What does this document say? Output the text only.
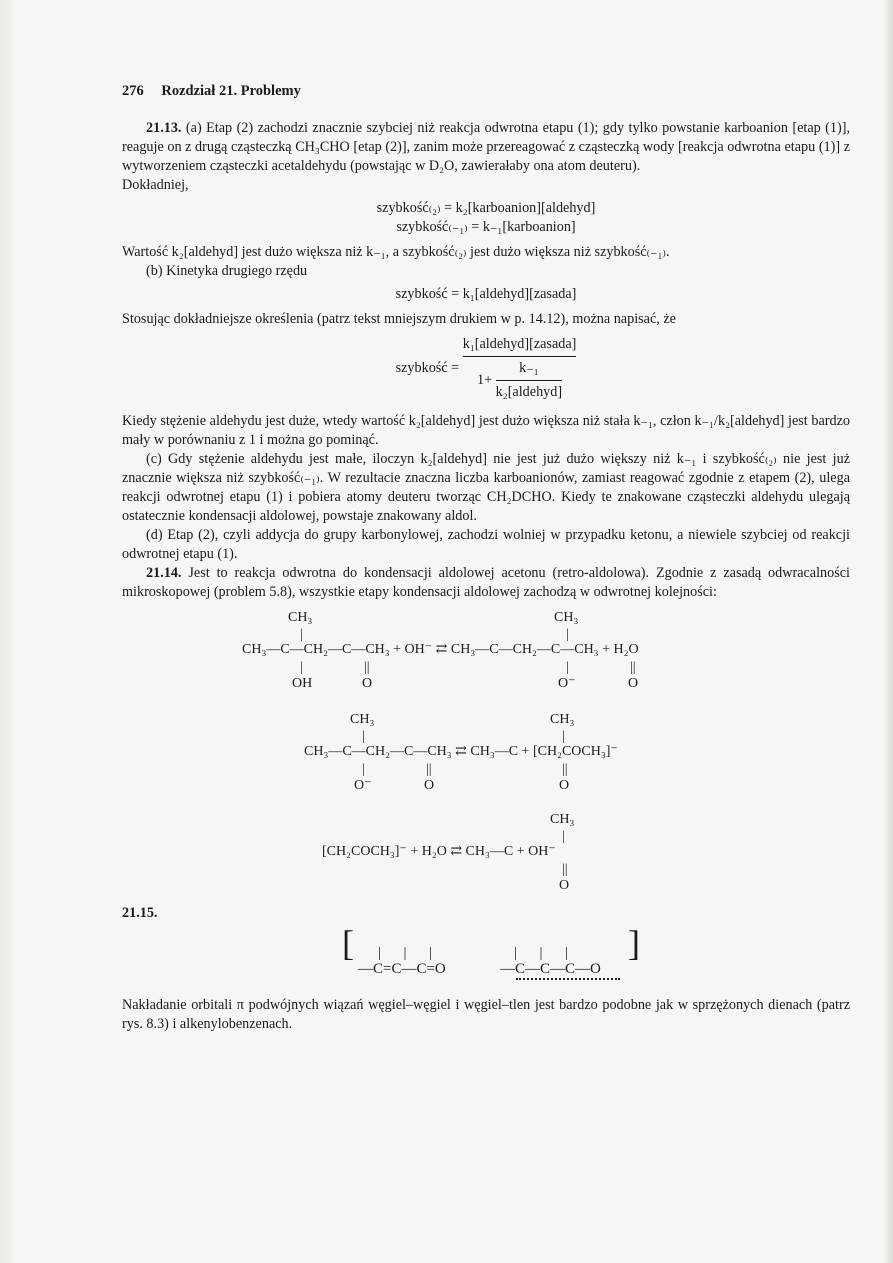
276 Rozdział 21. Problemy

21.13. (a) Etap (2) zachodzi znacznie szybciej niż reakcja odwrotna etapu (1); gdy tylko powstanie karboanion [etap (1)], reaguje on z drugą cząsteczką CH₃CHO [etap (2)], zanim może przereagować z cząsteczką wody [reakcja odwrotna etapu (1)] z wytworzeniem cząsteczki acetaldehydu (powstając w D₂O, zawierałaby ona atom deuteru).

Dokładniej,

szybkość₍₂₎ = k₂[karboanion][aldehyd]
szybkość₍₋₁₎ = k₋₁[karboanion]

Wartość k₂[aldehyd] jest dużo większa niż k₋₁, a szybkość₍₂₎ jest dużo większa niż szybkość₍₋₁₎.

(b) Kinetyka drugiego rzędu

szybkość = k₁[aldehyd][zasada]

Stosując dokładniejsze określenia (patrz tekst mniejszym drukiem w p. 14.12), można napisać, że

szybkość = $\frac{\text{k₁[aldehyd][zasada]}}{1+ \frac{\text{k₋₁}}{\text{k₂[aldehyd]}}}$

Kiedy stężenie aldehydu jest duże, wtedy wartość k₂[aldehyd] jest dużo większa niż stała k₋₁, człon k₋₁/k₂[aldehyd] jest bardzo mały w porównaniu z 1 i można go pominąć.

(c) Gdy stężenie aldehydu jest małe, iloczyn k₂[aldehyd] nie jest już dużo większy niż k₋₁ i szybkość₍₂₎ nie jest już znacznie większa niż szybkość₍₋₁₎. W rezultacie znaczna liczba karboanionów, zamiast reagować zgodnie z etapem (2), ulega reakcji odwrotnej etapu (1) i pobiera atomy deuteru tworząc CH₂DCHO. Kiedy te znakowane cząsteczki aldehydu ulegają ostatecznie kondensacji aldolowej, powstaje znakowany aldol.

(d) Etap (2), czyli addycja do grupy karbonylowej, zachodzi wolniej w przypadku ketonu, a niewiele szybciej od reakcji odwrotnej etapu (1).

21.14. Jest to reakcja odwrotna do kondensacji aldolowej acetonu (retro-aldolowa). Zgodnie z zasadą odwracalności mikroskopowej (problem 5.8), wszystkie etapy kondensacji aldolowej zachodzą w odwrotnej kolejności:

CH₃	CH₃
|	|
CH₃—C—CH₂—C—CH₃ + OH⁻ ⇄ CH₃—C—CH₂—C—CH₃ + H₂O
|	||	|	||
OH	O	O⁻	O
CH₃	CH₃
|	|
CH₃—C—CH₂—C—CH₃ ⇄ CH₃—C + [CH₂COCH₃]⁻
|	||	||
O⁻	O	O
CH₃
|
[CH₂COCH₃]⁻ + H₂O ⇄ CH₃—C + OH⁻
||
O
21.15.
[ |      |      |
—C=C—C=O
|      |      |
—C—C—C—O
]

Nakładanie orbitali π podwójnych wiązań węgiel–węgiel i węgiel–tlen jest bardzo podobne jak w sprzężonych dienach (patrz rys. 8.3) i alkenylobenzenach.
